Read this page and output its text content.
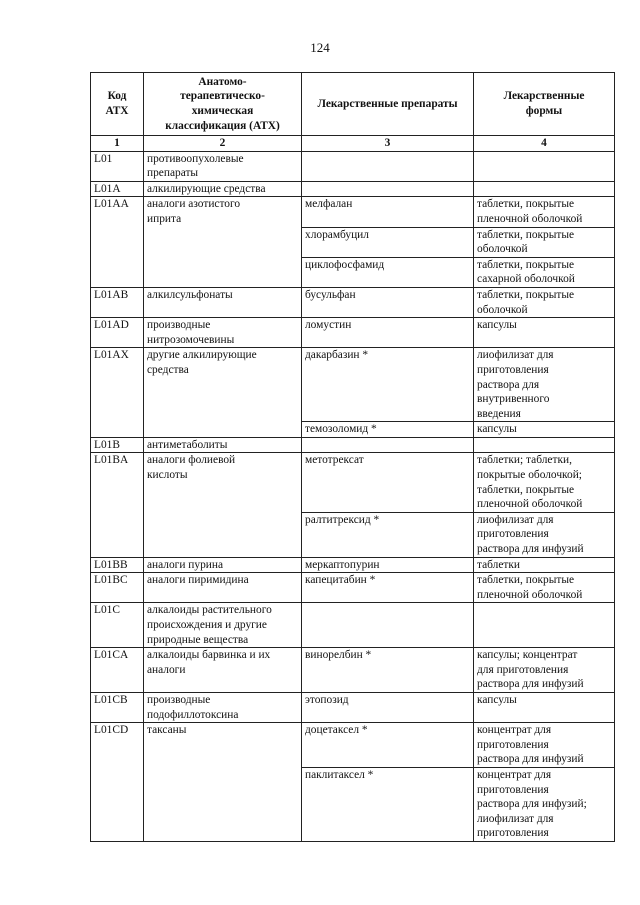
124
Код
АТХ	Анатомо-
терапевтическо-
химическая
классификация (АТХ)	Лекарственные препараты	Лекарственные
формы
1	2	3	4
L01	противоопухолевые
препараты		
L01A	алкилирующие средства		
L01AA	аналоги азотистого
иприта	мелфалан	таблетки, покрытые
пленочной оболочкой
		хлорамбуцил	таблетки, покрытые
оболочкой
		циклофосфамид	таблетки, покрытые
сахарной оболочкой
L01AB	алкилсульфонаты	бусульфан	таблетки, покрытые
оболочкой
L01AD	производные
нитрозомочевины	ломустин	капсулы
L01AX	другие алкилирующие
средства	дакарбазин *	лиофилизат для
приготовления
раствора для
внутривенного
введения
		темозоломид *	капсулы
L01B	антиметаболиты		
L01BA	аналоги фолиевой
кислоты	метотрексат	таблетки; таблетки,
покрытые оболочкой;
таблетки, покрытые
пленочной оболочкой
		ралтитрексид *	лиофилизат для
приготовления
раствора для инфузий
L01BB	аналоги пурина	меркаптопурин	таблетки
L01BC	аналоги пиримидина	капецитабин *	таблетки, покрытые
пленочной оболочкой
L01C	алкалоиды растительного
происхождения и другие
природные вещества		
L01CA	алкалоиды барвинка и их
аналоги	винорелбин *	капсулы; концентрат
для приготовления
раствора для инфузий
L01CB	производные
подофиллотоксина	этопозид	капсулы
L01CD	таксаны	доцетаксел *	концентрат для
приготовления
раствора для инфузий
		паклитаксел *	концентрат для
приготовления
раствора для инфузий;
лиофилизат для
приготовления
